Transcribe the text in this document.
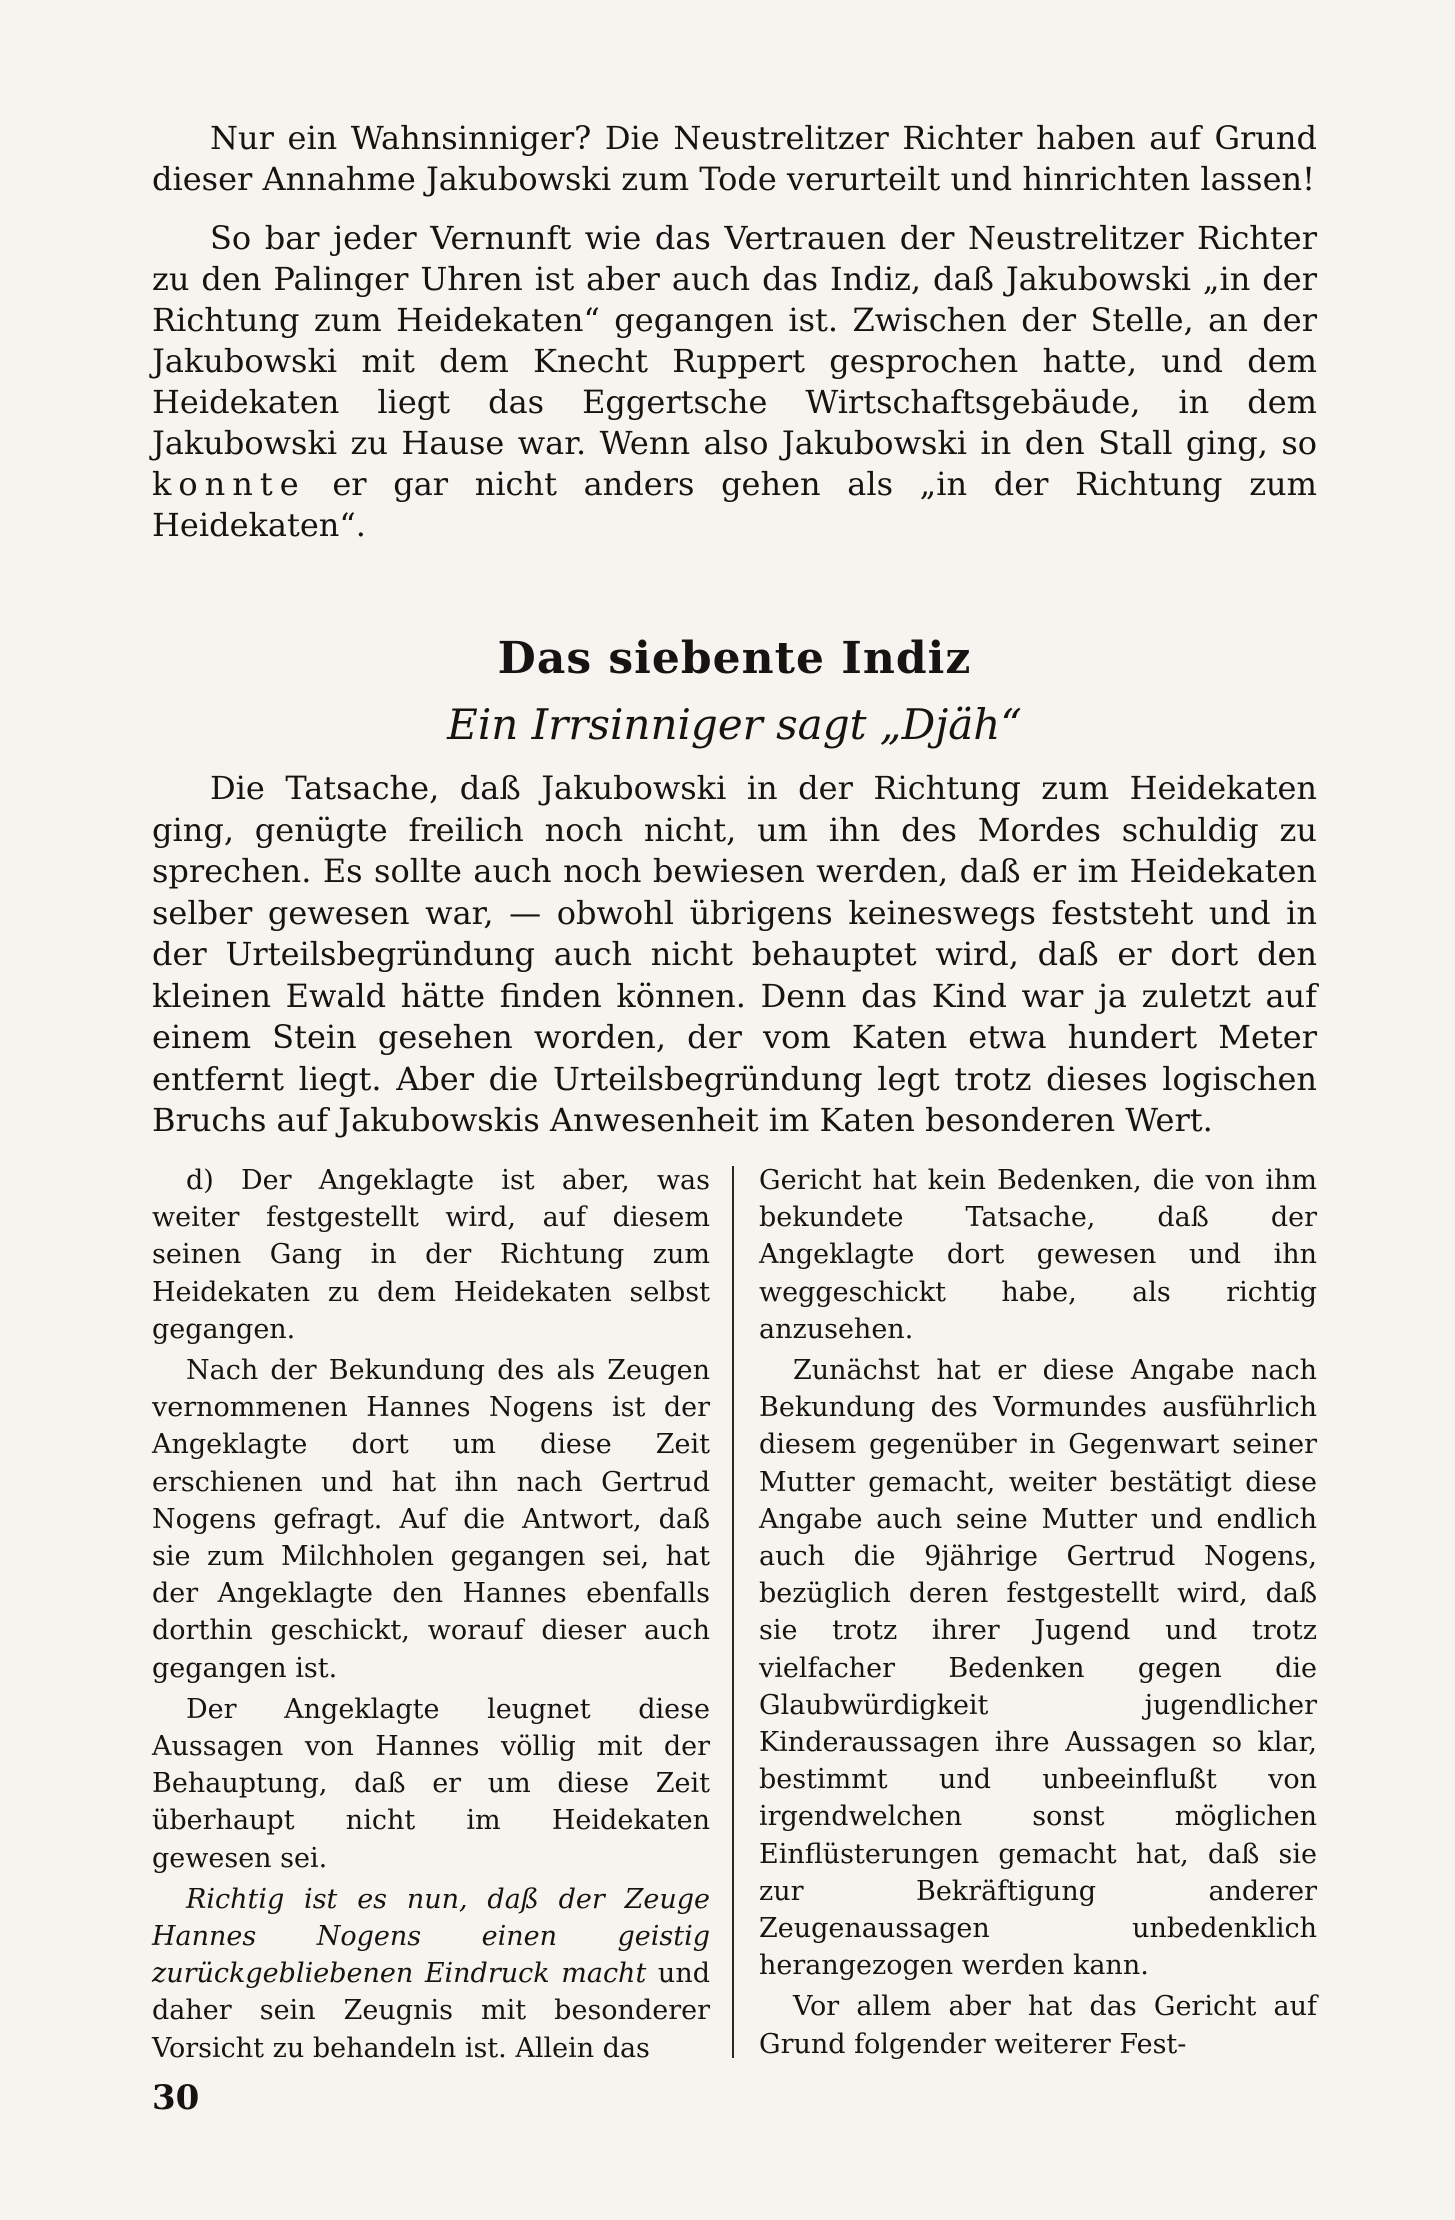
Nur ein Wahnsinniger? Die Neustrelitzer Richter haben auf Grund dieser Annahme Jakubowski zum Tode verurteilt und hinrichten lassen!

So bar jeder Vernunft wie das Vertrauen der Neustrelitzer Richter zu den Palinger Uhren ist aber auch das Indiz, daß Jakubowski „in der Richtung zum Heidekaten“ gegangen ist. Zwischen der Stelle, an der Jakubowski mit dem Knecht Ruppert gesprochen hatte, und dem Heidekaten liegt das Eggertsche Wirtschaftsgebäude, in dem Jakubowski zu Hause war. Wenn also Jakubowski in den Stall ging, so konnte er gar nicht anders gehen als „in der Richtung zum Heidekaten“.

Das siebente Indiz
Ein Irrsinniger sagt „Djäh“

Die Tatsache, daß Jakubowski in der Richtung zum Heidekaten ging, genügte freilich noch nicht, um ihn des Mordes schuldig zu sprechen. Es sollte auch noch bewiesen werden, daß er im Heidekaten selber gewesen war, — obwohl übrigens keineswegs feststeht und in der Urteilsbegründung auch nicht behauptet wird, daß er dort den kleinen Ewald hätte finden können. Denn das Kind war ja zuletzt auf einem Stein gesehen worden, der vom Katen etwa hundert Meter entfernt liegt. Aber die Urteilsbegründung legt trotz dieses logischen Bruchs auf Jakubowskis Anwesenheit im Katen besonderen Wert.

d) Der Angeklagte ist aber, was weiter festgestellt wird, auf diesem seinen Gang in der Richtung zum Heidekaten zu dem Heidekaten selbst gegangen.

Nach der Bekundung des als Zeugen vernommenen Hannes Nogens ist der Angeklagte dort um diese Zeit erschienen und hat ihn nach Gertrud Nogens gefragt. Auf die Antwort, daß sie zum Milchholen gegangen sei, hat der Angeklagte den Hannes ebenfalls dorthin geschickt, worauf dieser auch gegangen ist.

Der Angeklagte leugnet diese Aussagen von Hannes völlig mit der Behauptung, daß er um diese Zeit überhaupt nicht im Heidekaten gewesen sei.

Richtig ist es nun, daß der Zeuge Hannes Nogens einen geistig zurückgebliebenen Eindruck macht und daher sein Zeugnis mit besonderer Vorsicht zu behandeln ist. Allein das

Gericht hat kein Bedenken, die von ihm bekundete Tatsache, daß der Angeklagte dort gewesen und ihn weggeschickt habe, als richtig anzusehen.

Zunächst hat er diese Angabe nach Bekundung des Vormundes ausführlich diesem gegenüber in Gegenwart seiner Mutter gemacht, weiter bestätigt diese Angabe auch seine Mutter und endlich auch die 9jährige Gertrud Nogens, bezüglich deren festgestellt wird, daß sie trotz ihrer Jugend und trotz vielfacher Bedenken gegen die Glaubwürdigkeit jugendlicher Kinderaussagen ihre Aussagen so klar, bestimmt und unbeeinflußt von irgendwelchen sonst möglichen Einflüsterungen gemacht hat, daß sie zur Bekräftigung anderer Zeugenaussagen unbedenklich herangezogen werden kann.

Vor allem aber hat das Gericht auf Grund folgender weiterer Fest-

30
